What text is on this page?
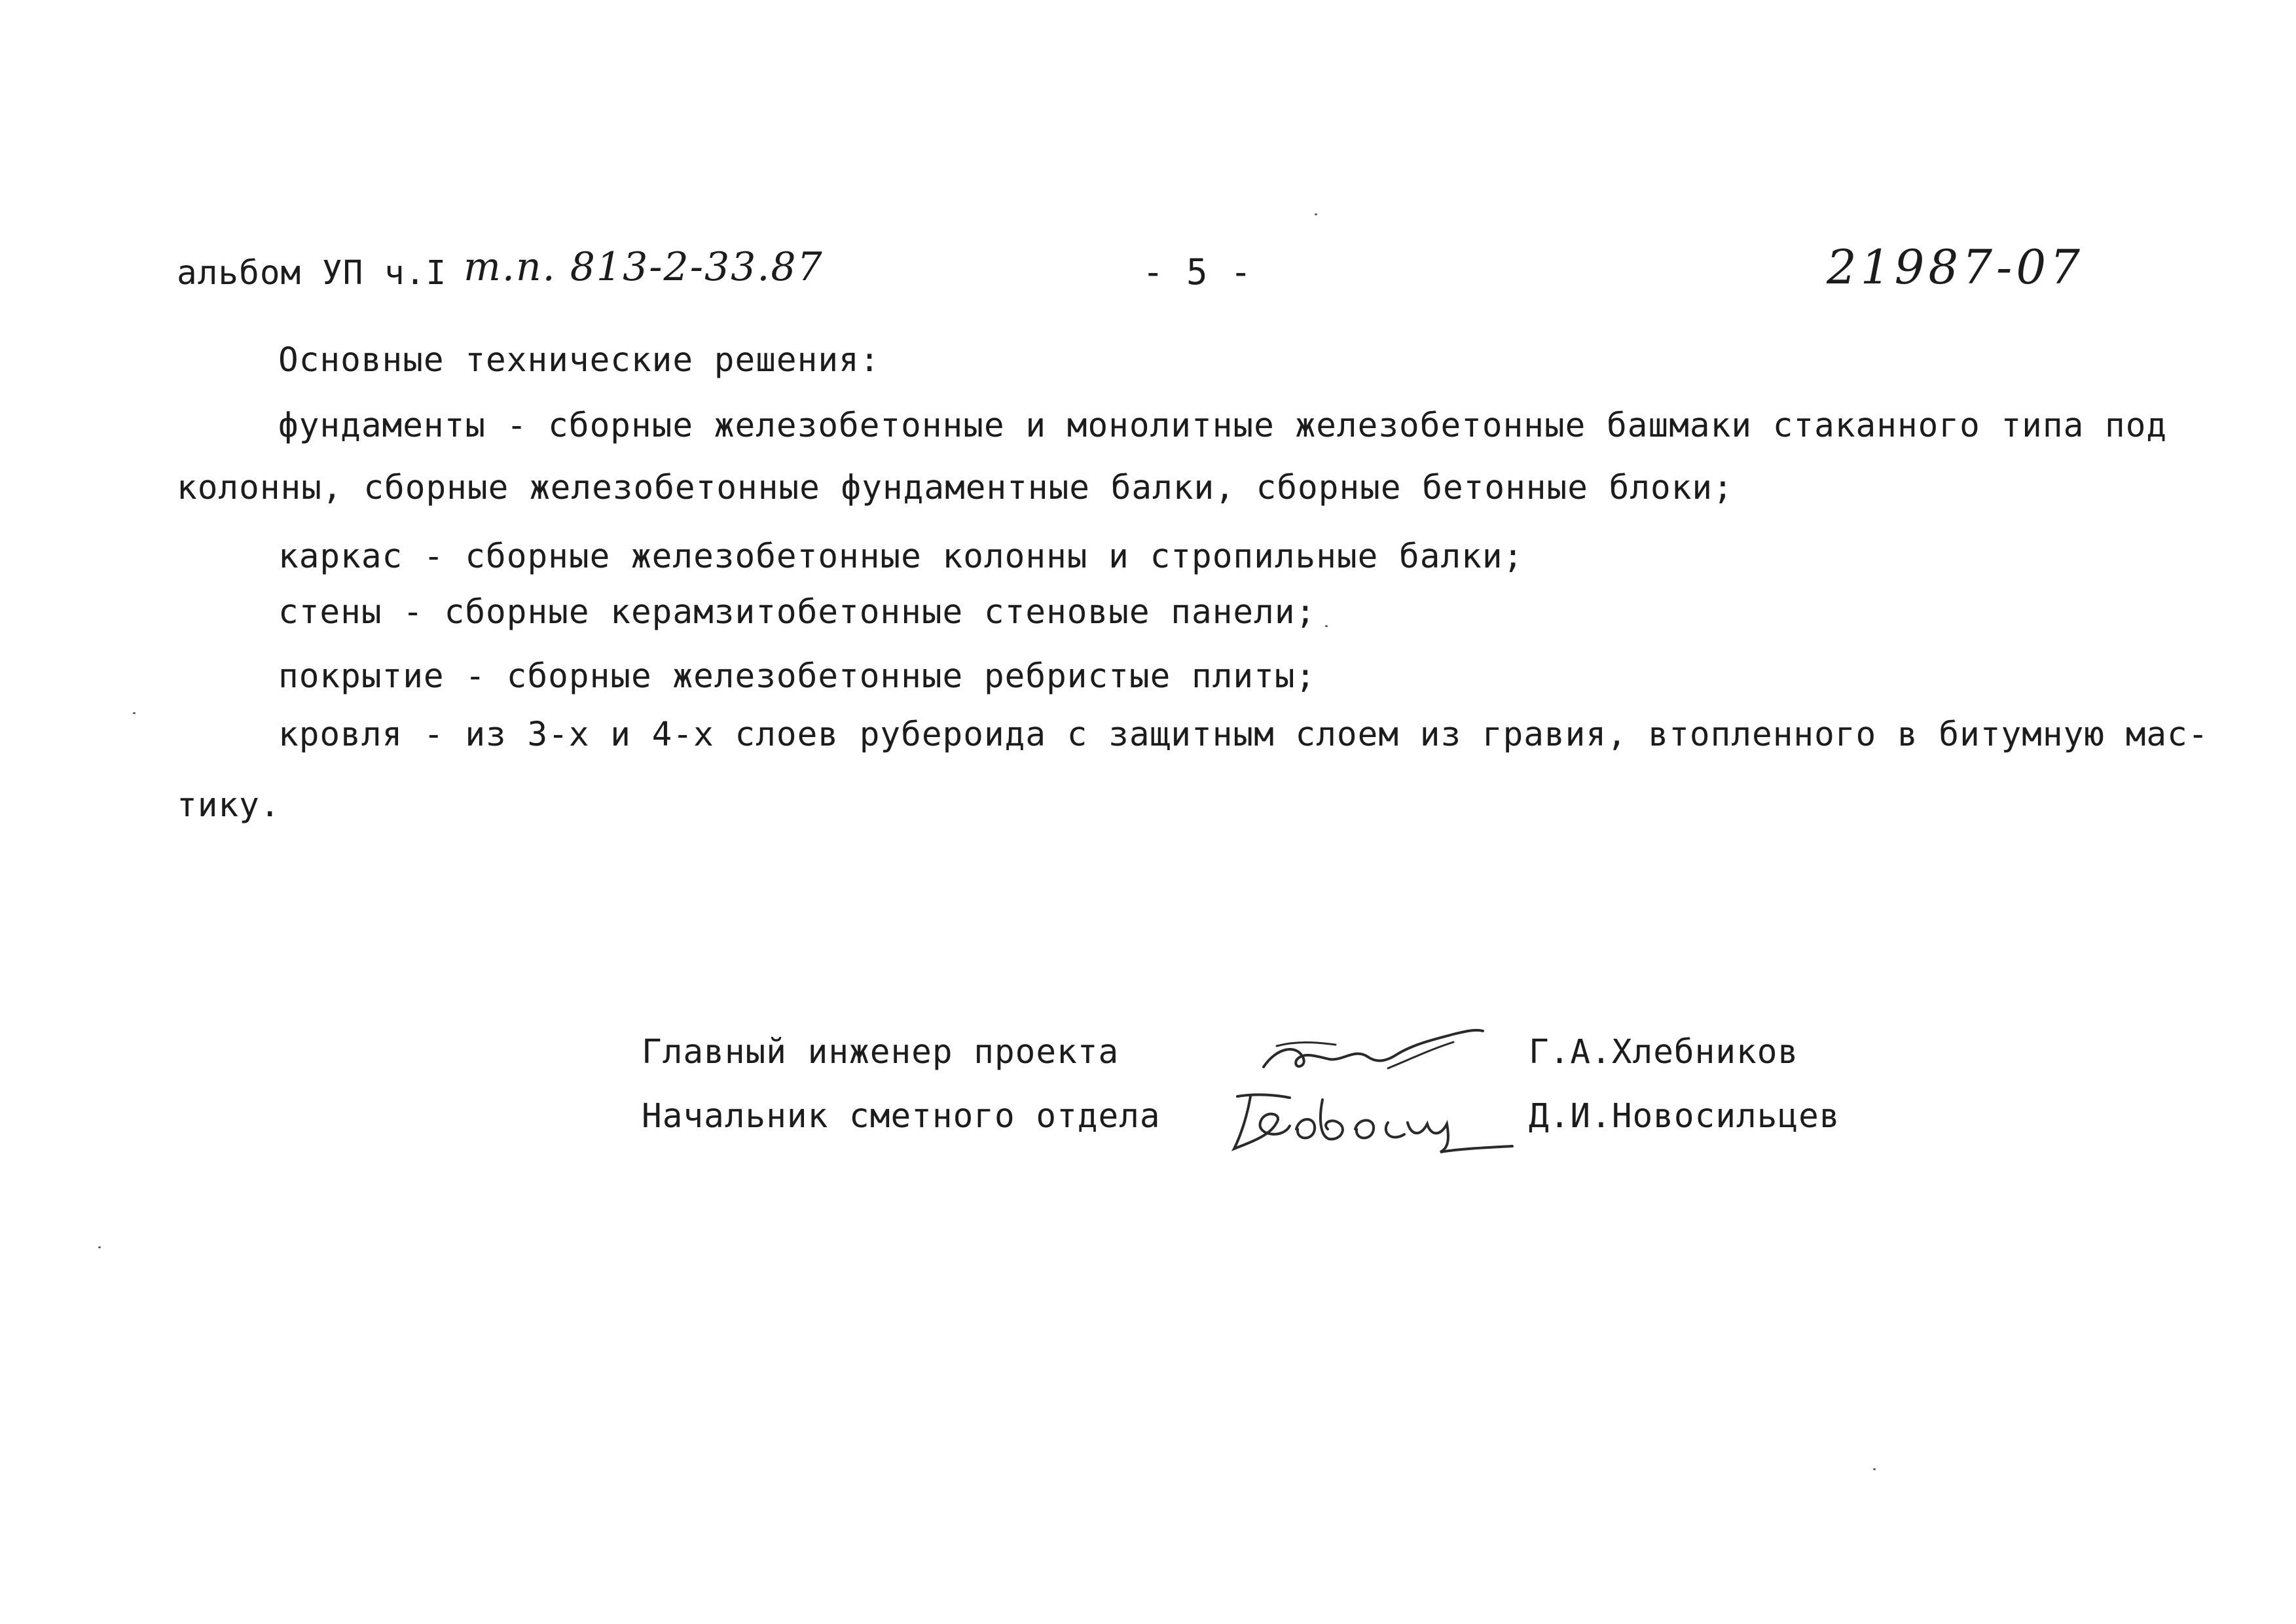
альбом УП ч.I т.п. 813-2-33.87	- 5 -	21987-07
Основные технические решения:
фундаменты - сборные железобетонные и монолитные железобетонные башмаки стаканного типа под
колонны, сборные железобетонные фундаментные балки, сборные бетонные блоки;
каркас - сборные железобетонные колонны и стропильные балки;
стены - сборные керамзитобетонные стеновые панели;
покрытие - сборные железобетонные ребристые плиты;
кровля - из 3-х и 4-х слоев рубероида с защитным слоем из гравия, втопленного в битумную мас-
тику.
Главный инженер проекта	Г.А.Хлебников
Начальник сметного отдела	Д.И.Новосильцев
